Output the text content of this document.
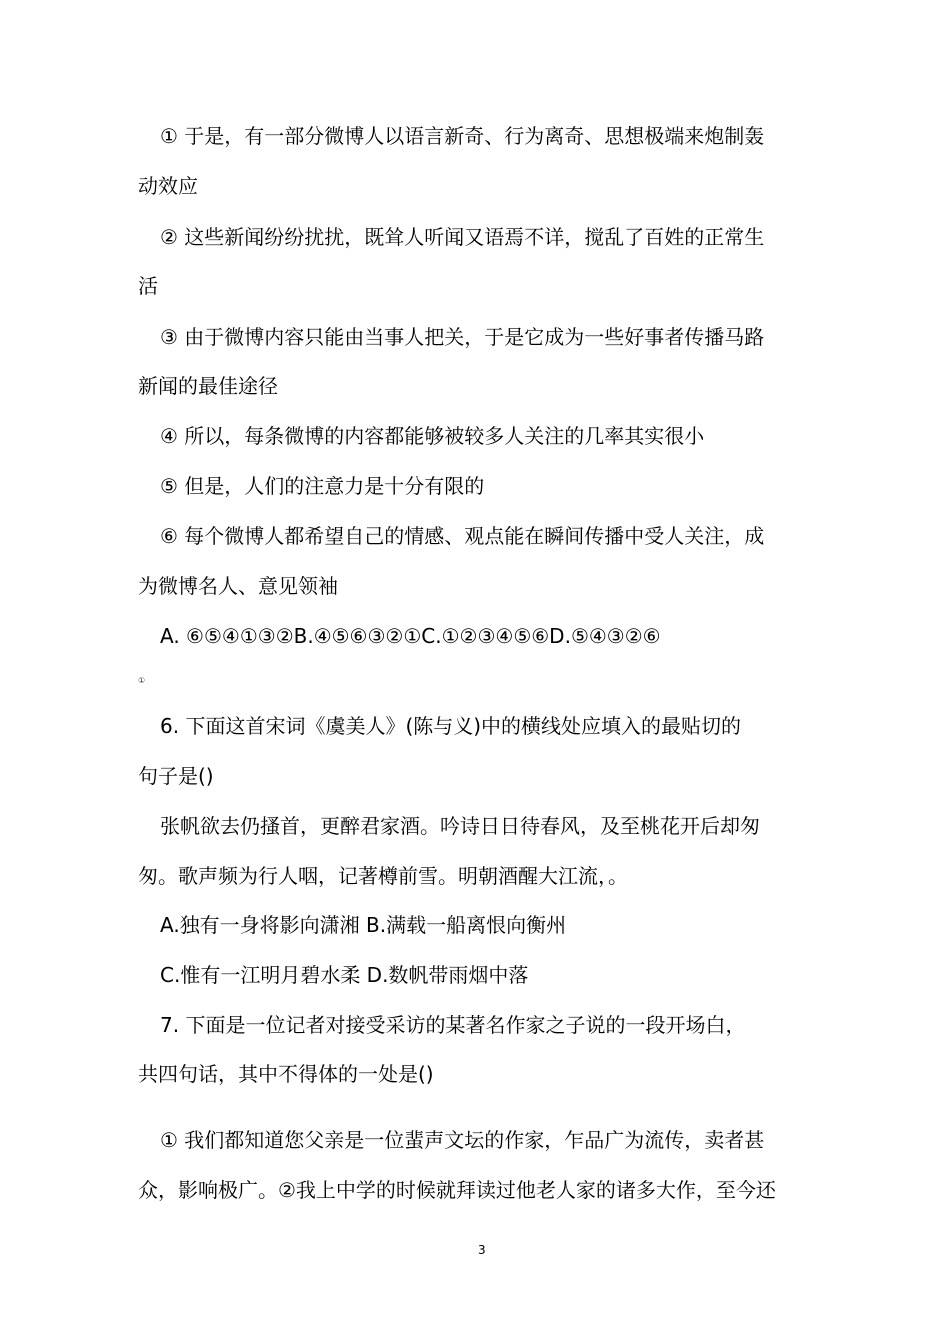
① 于是，有一部分微博人以语言新奇、行为离奇、思想极端来炮制轰
动效应
② 这些新闻纷纷扰扰，既耸人听闻又语焉不详，搅乱了百姓的正常生
活
③ 由于微博内容只能由当事人把关，于是它成为一些好事者传播马路
新闻的最佳途径
④ 所以，每条微博的内容都能够被较多人关注的几率其实很小
⑤ 但是，人们的注意力是十分有限的
⑥ 每个微博人都希望自己的情感、观点能在瞬间传播中受人关注，成
为微博名人、意见领袖
A. ⑥⑤④①③②B.④⑤⑥③②①C.①②③④⑤⑥D.⑤④③②⑥
①
6. 下面这首宋词《虞美人》(陈与义)中的横线处应填入的最贴切的
句子是()
张帆欲去仍搔首，更醉君家酒。吟诗日日待春风，及至桃花开后却匆
匆。歌声频为行人咽，记著樽前雪。明朝酒醒大江流，。
A.独有一身将影向潇湘 B.满载一船离恨向衡州
C.惟有一江明月碧水柔 D.数帆带雨烟中落
7. 下面是一位记者对接受采访的某著名作家之子说的一段开场白，
共四句话，其中不得体的一处是()
① 我们都知道您父亲是一位蜚声文坛的作家，乍品广为流传，卖者甚
众，影响极广。②我上中学的时候就拜读过他老人家的诸多大作，至今还
3
